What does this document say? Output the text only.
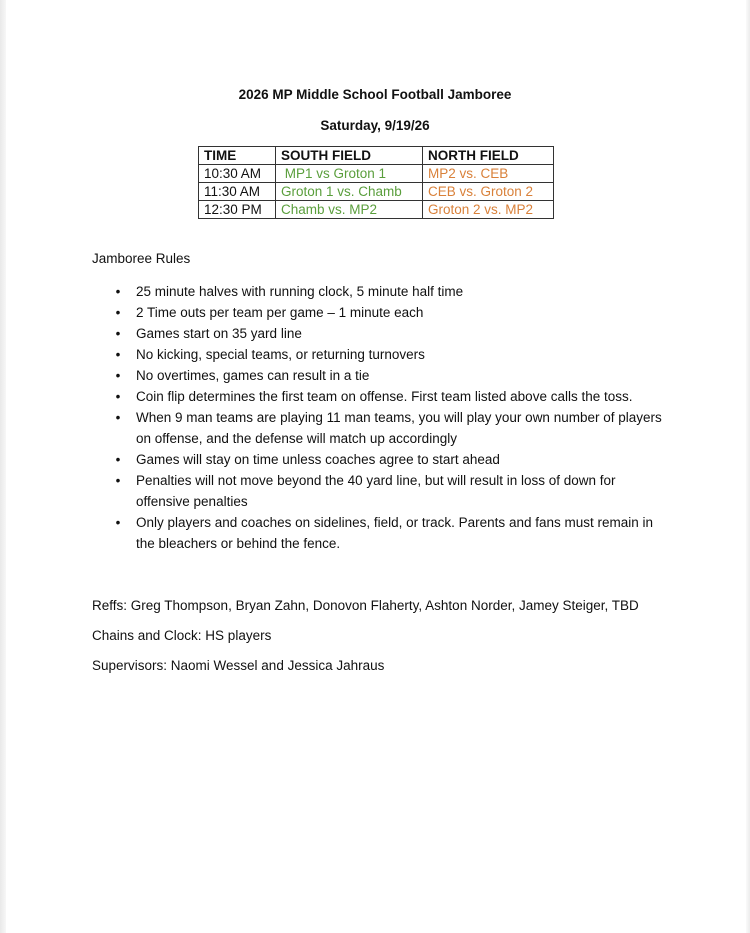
2026 MP Middle School Football Jamboree
Saturday, 9/19/26
TIME	SOUTH FIELD	NORTH FIELD
10:30 AM	MP1 vs Groton 1	MP2 vs. CEB
11:30 AM	Groton 1 vs. Chamb	CEB vs. Groton 2
12:30 PM	Chamb vs. MP2	Groton 2 vs. MP2
Jamboree Rules
• 25 minute halves with running clock, 5 minute half time
• 2 Time outs per team per game – 1 minute each
• Games start on 35 yard line
• No kicking, special teams, or returning turnovers
• No overtimes, games can result in a tie
• Coin flip determines the first team on offense. First team listed above calls the toss.
• When 9 man teams are playing 11 man teams, you will play your own number of players on offense, and the defense will match up accordingly
• Games will stay on time unless coaches agree to start ahead
• Penalties will not move beyond the 40 yard line, but will result in loss of down for offensive penalties
• Only players and coaches on sidelines, field, or track. Parents and fans must remain in the bleachers or behind the fence.
Reffs: Greg Thompson, Bryan Zahn, Donovon Flaherty, Ashton Norder, Jamey Steiger, TBD
Chains and Clock: HS players
Supervisors: Naomi Wessel and Jessica Jahraus
